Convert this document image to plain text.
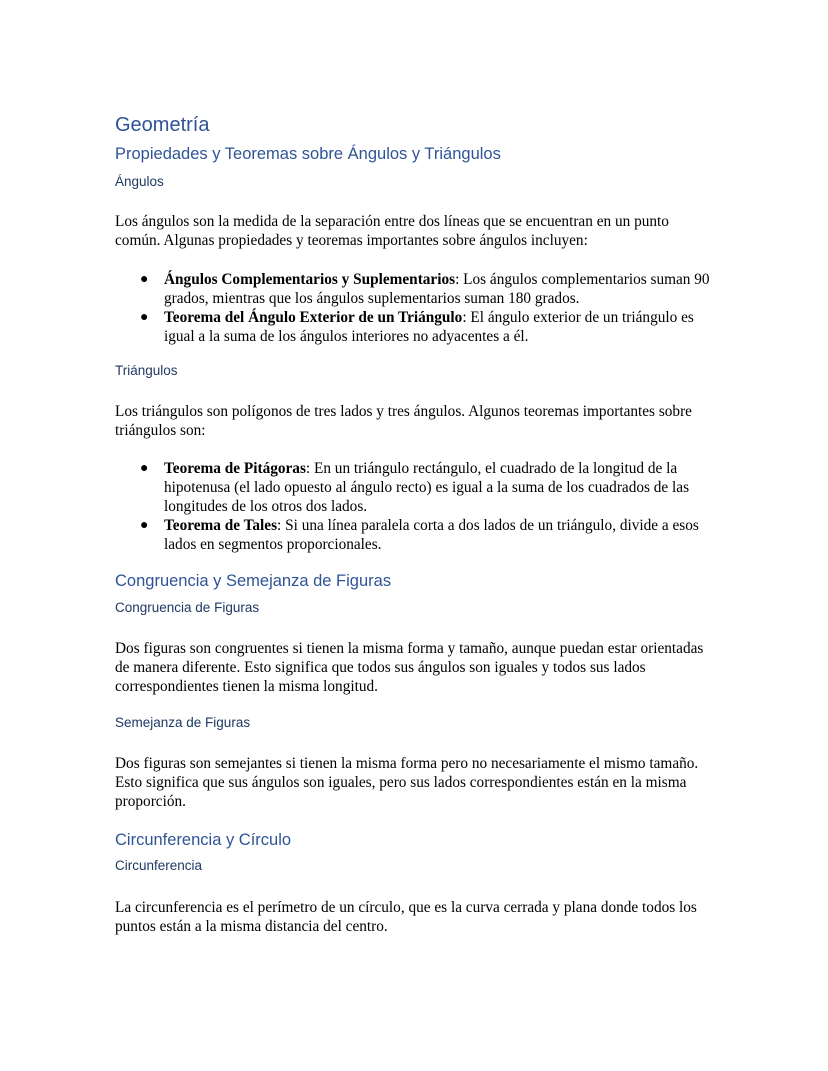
Geometría
Propiedades y Teoremas sobre Ángulos y Triángulos
Ángulos

Los ángulos son la medida de la separación entre dos líneas que se encuentran en un punto común. Algunas propiedades y teoremas importantes sobre ángulos incluyen:

● Ángulos Complementarios y Suplementarios: Los ángulos complementarios suman 90 grados, mientras que los ángulos suplementarios suman 180 grados.
● Teorema del Ángulo Exterior de un Triángulo: El ángulo exterior de un triángulo es igual a la suma de los ángulos interiores no adyacentes a él.
Triángulos

Los triángulos son polígonos de tres lados y tres ángulos. Algunos teoremas importantes sobre triángulos son:

● Teorema de Pitágoras: En un triángulo rectángulo, el cuadrado de la longitud de la hipotenusa (el lado opuesto al ángulo recto) es igual a la suma de los cuadrados de las longitudes de los otros dos lados.
● Teorema de Tales: Si una línea paralela corta a dos lados de un triángulo, divide a esos lados en segmentos proporcionales.
Congruencia y Semejanza de Figuras
Congruencia de Figuras

Dos figuras son congruentes si tienen la misma forma y tamaño, aunque puedan estar orientadas de manera diferente. Esto significa que todos sus ángulos son iguales y todos sus lados correspondientes tienen la misma longitud.

Semejanza de Figuras

Dos figuras son semejantes si tienen la misma forma pero no necesariamente el mismo tamaño. Esto significa que sus ángulos son iguales, pero sus lados correspondientes están en la misma proporción.

Circunferencia y Círculo
Circunferencia

La circunferencia es el perímetro de un círculo, que es la curva cerrada y plana donde todos los puntos están a la misma distancia del centro.
